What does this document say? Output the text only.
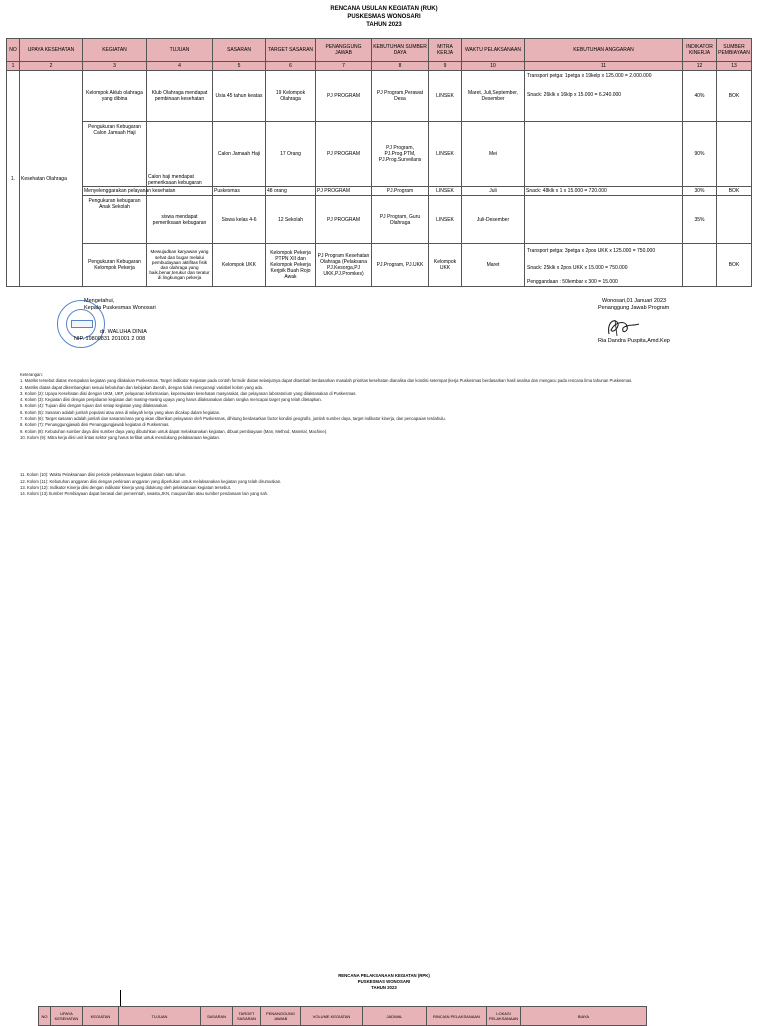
RENCANA USULAN KEGIATAN (RUK)
PUSKESMAS WONOSARI
TAHUN 2023
NO	UPAYA KESEHATAN	KEGIATAN	TUJUAN	SASARAN	TARGET SASARAN	PENANGGUNG JAWAB	KEBUTUHAN SUMBER DAYA	MITRA KERJA	WAKTU PELAKSANAAN	KEBUTUHAN ANGGARAN	INDIKATOR KINERJA	SUMBER PEMBIAYAAN
1	2	3	4	5	6	7	8	9	10	11	12	13
1.	Kesehatan Olahraga	Kelompok Aklub olahraga yang dibina	Klub Olahraga mendapat pembinaan kesehatan	Usia 45 tahun keatas	19 Kelompok Olahraga	PJ PROGRAM	PJ Program,Perawat Desa	LINSEK	Maret, Juli,September, Desember	Transport petga: 1petga x 19kelp x 125.000 = 2.000.000
Snack: 26klk x 16klp x 15.000 = 6.240.000	40%	BOK
		Pengukuran Kebugaran Calon Jamaah Haji	Calon haji mendapat pemeriksaan kebugaran	Calon Jamaah Haji	17 Orang	PJ PROGRAM	PJ Program, PJ.Prog.PTM, PJ.Prog.Surveilans	LINSEK	Mei		90%	
		Menyelenggarakan pelayanan kesehatan		Puskesmas	48 orang	PJ PROGRAM	PJ.Program	LINSEK	Juli	Snack: 48klk x 1 x 15.000 = 720.000	30%	BOK
		Pengukuran kebugaran Anak Sekolah	siswa mendapat pemeriksaan kebugaran	Siswa kelas 4-6	12 Sekolah	PJ PROGRAM	PJ Program, Guru Olahraga	LINSEK	Juli-Desember		35%	
		Pengukuran Kebugaran Kelompok Pekerja	Mewujudkan karyawan yang sehat dan bugar melalui pembudayaan aktifitas fisik dan olahraga yang baik,benar,terukur dan teratur di lingkungan pekerja	Kelompok UKK	Kelompok Pekerja PTPN XII dan Kelompok Pekerja Kerjpik Buah Rojo Awak	PJ Program Kesehatan Olahraga (Pelaksana PJ.Kesorga,PJ UKK,PJ.Promkes)	PJ.Program, PJ.UKK	Kelompok UKK	Maret	Transport petga: 3petga x 2pos UKK x 125.000 = 750.000
Snack: 25klk x 2pos UKK x 15.000 = 750.000
Penggandaan : 50lembar x 300 = 15.000		BOK
Mengetahui,
Kepala Puskesmas Wonosari
dr. WALUHA DINIA
NIP. 19800831 201001 2 008
Wonosari,01 Januari 2023
Penanggung Jawab Program
Ria Dandra Puspita,Amd.Kep
Keterangan:
1. Matriks tersebut diatas merupakan kegiatan yang dilakukan Puskesmas. Target indikator Kegiatan pada contoh formulir diatas selanjutnya dapat ditambah berdasarkan masalah prioritas kesehatan dianalisa dan kondisi setempat (kerja Puskesmas berdasarkan hasil analisa dan mengacu pada rencana lima tahunan Puskesmas.
2. Matriks diatas dapat dikembangkan sesuai kebutuhan dan kebijakan daerah, dengan tidak mengurangi variabel kolom yang ada.
3. Kolom (2): Upaya Kesehatan diisi dengan UKM, UKP, pelayanan kefarmasian, keperawatan kesehatan masyarakat, dan pelayanan laboratorium yang dilaksanakan di Puskesmas.
4. Kolom (3): Kegiatan diisi dengan penjabaran kegiatan dari masing-masing upaya yang harus dilaksanakan dalam rangka mencapai target yang telah ditetapkan.
5. Kolom (4): Tujuan diisi dengan tujuan dari setiap kegiatan yang dilaksanakan.
6. Kolom (5): Sasaran adalah jumlah populasi atau area di wilayah kerja yang akan dicakup dalam kegiatan.
7. Kolom (6): Target sasaran adalah jumlah dan sasaran/area yang akan diberikan pelayanan oleh Puskesmas, dihitung berdasarkan factor kondisi geografis, jumlah sumber daya, target indikator kinerja, dan pencapaian terdahulu.
8. Kolom (7): Penanggungjawab diisi Penanggungjawab kegiatan di Puskesmas.
9. Kolom (8): Kebutuhan sumber daya diisi sumber daya yang dibutuhkan untuk dapat melaksanakan kegiatan, dibuat pembiayaan (Man, Method, Material, Machine).
10. Kolom (9): Mitra kerja diisi unit lintas sektor yang harus terlibat untuk mendukung pelaksanaan kegiatan.
11. Kolom (10): Waktu Pelaksanaan diisi periode pelaksanaan kegiatan dalam satu tahun.
12. Kolom (11): Kebutuhan anggaran diisi dengan perkiraan anggaran yang diperlukan untuk melaksanakan kegiatan yang telah dirumuskan.
13. Kolom (12): Indikator Kinerja diisi dengan indikator kinerja yang didukung oleh pelaksanaan kegiatan tersebut.
14. Kolom (13) Sumber Pembiayaan dapat berasal dari pemerintah, swasta,JKN, maupun/dan atau sumber pendanaan lain yang sah.
RENCANA PELAKSANAAN KEGIATAN (RPK)
PUSKESMAS WONOSARI
TAHUN 2023
NO	UPAYA KESEHATAN	KEGIATAN	TUJUAN	SASARAN	TARGET SASARAN	PENANGGUNG JAWAB	VOLUME KEGIATAN	JADWAL	RINCIAN PELAKSANAAN	LOKASI PELAKSANAAN	BIAYA
